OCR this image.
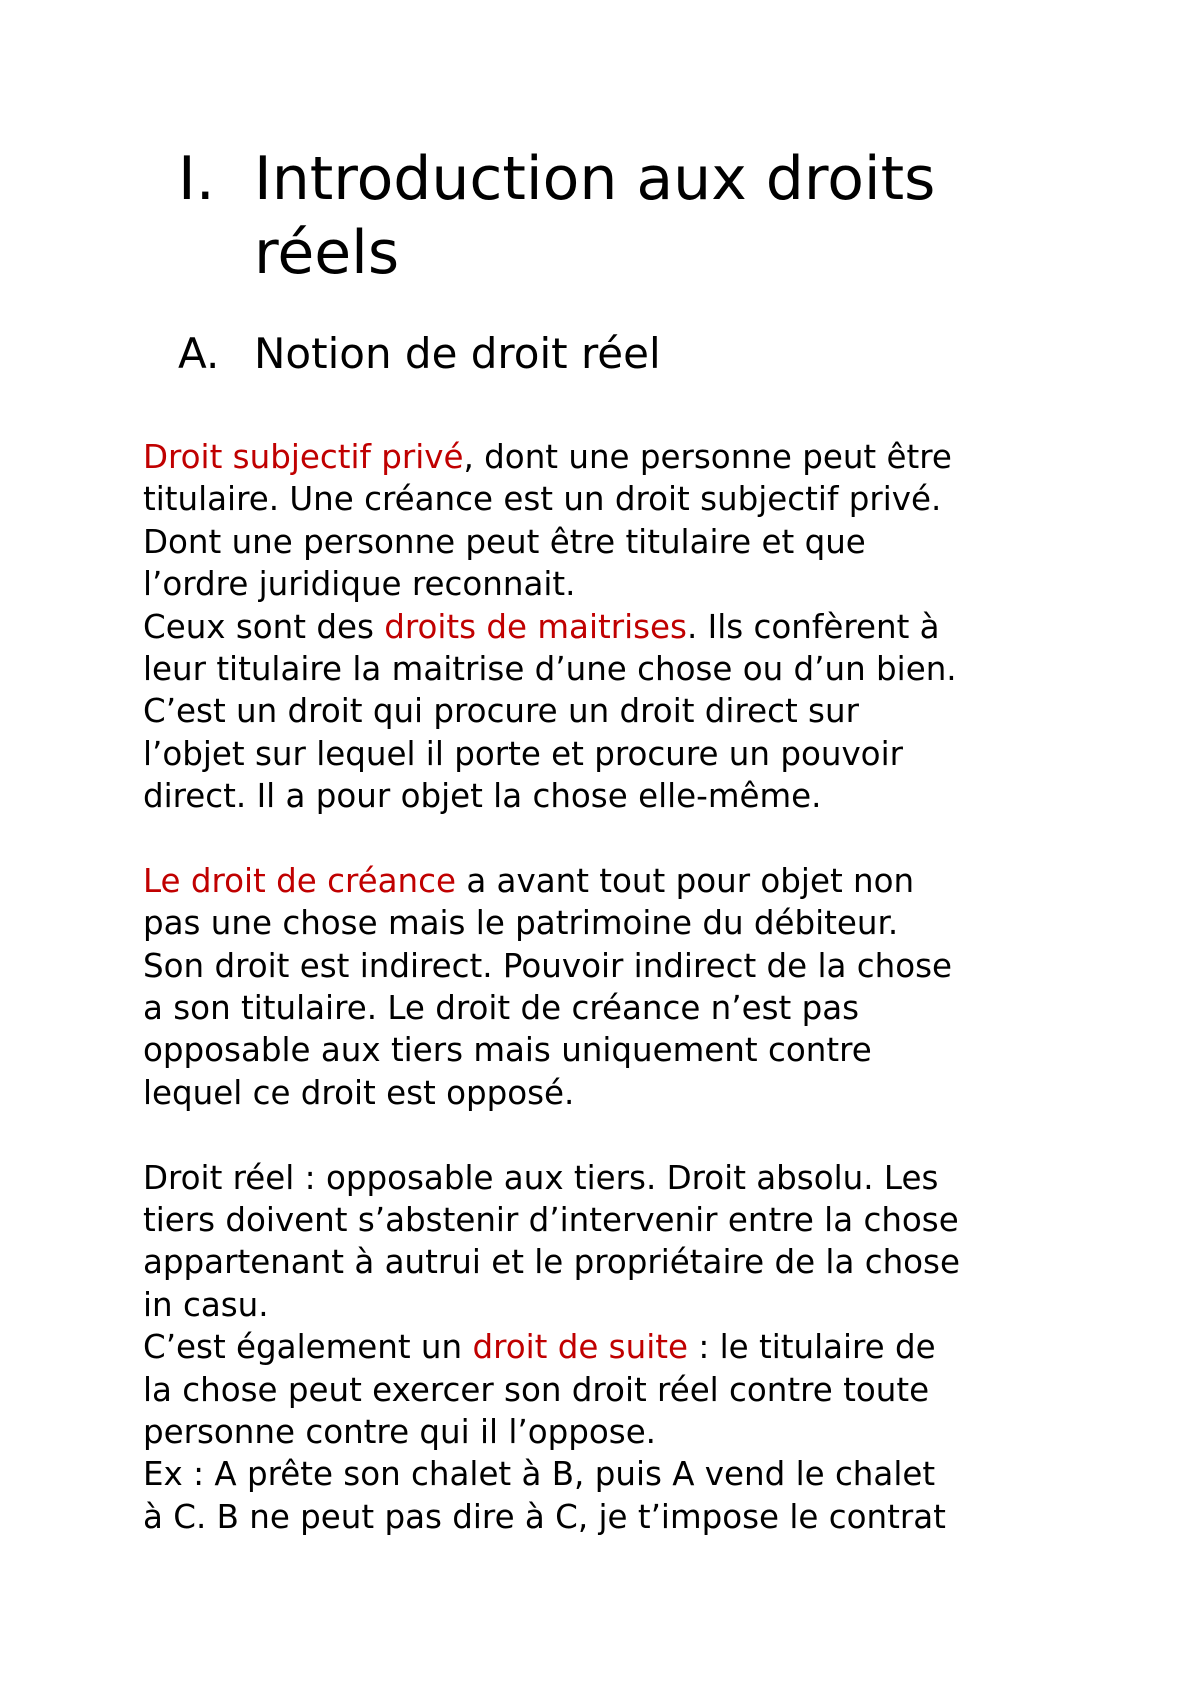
I. Introduction aux droits
réels
A. Notion de droit réel
Droit subjectif privé, dont une personne peut être
titulaire. Une créance est un droit subjectif privé.
Dont une personne peut être titulaire et que
l’ordre juridique reconnait.
Ceux sont des droits de maitrises. Ils confèrent à
leur titulaire la maitrise d’une chose ou d’un bien.
C’est un droit qui procure un droit direct sur
l’objet sur lequel il porte et procure un pouvoir
direct. Il a pour objet la chose elle-même.
Le droit de créance a avant tout pour objet non
pas une chose mais le patrimoine du débiteur.
Son droit est indirect. Pouvoir indirect de la chose
a son titulaire. Le droit de créance n’est pas
opposable aux tiers mais uniquement contre
lequel ce droit est opposé.
Droit réel : opposable aux tiers. Droit absolu. Les
tiers doivent s’abstenir d’intervenir entre la chose
appartenant à autrui et le propriétaire de la chose
in casu.
C’est également un droit de suite : le titulaire de
la chose peut exercer son droit réel contre toute
personne contre qui il l’oppose.
Ex : A prête son chalet à B, puis A vend le chalet
à C. B ne peut pas dire à C, je t’impose le contrat
